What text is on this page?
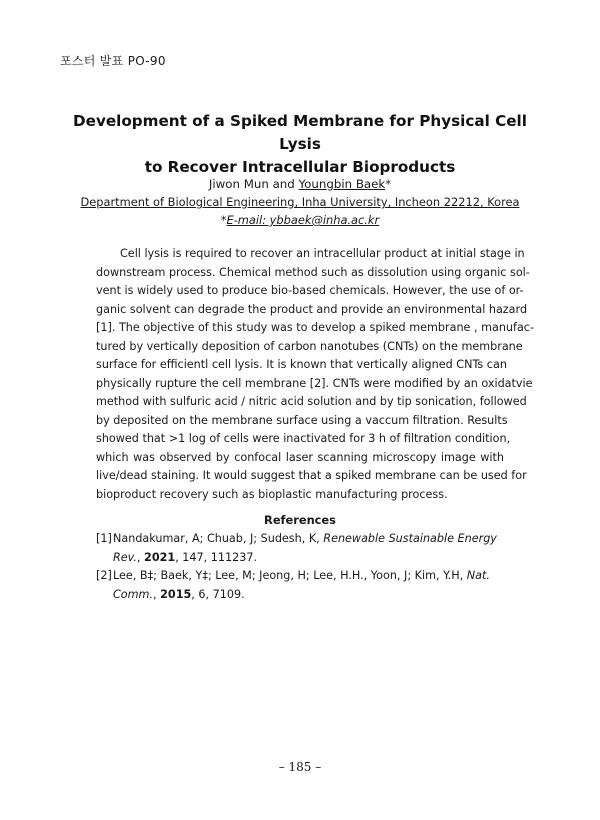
포스터 발표 PO-90
Development of a Spiked Membrane for Physical Cell Lysis
to Recover Intracellular Bioproducts
Jiwon Mun and Youngbin Baek*
Department of Biological Engineering, Inha University, Incheon 22212, Korea
*E-mail: ybbaek@inha.ac.kr
Cell lysis is required to recover an intracellular product at initial stage in
downstream process. Chemical method such as dissolution using organic sol-
vent is widely used to produce bio-based chemicals. However, the use of or-
ganic solvent can degrade the product and provide an environmental hazard
[1]. The objective of this study was to develop a spiked membrane , manufac-
tured by vertically deposition of carbon nanotubes (CNTs) on the membrane
surface for efficientl cell lysis. It is known that vertically aligned CNTs can
physically rupture the cell membrane [2]. CNTs were modified by an oxidatvie
method with sulfuric acid / nitric acid solution and by tip sonication, followed
by deposited on the membrane surface using a vaccum filtration. Results
showed that >1 log of cells were inactivated for 3 h of filtration condition,
which was observed by confocal laser scanning microscopy image with
live/dead staining. It would suggest that a spiked membrane can be used for
bioproduct recovery such as bioplastic manufacturing process.
References
[1] Nandakumar, A; Chuab, J; Sudesh, K, Renewable Sustainable Energy Rev., 2021, 147, 111237.
[2] Lee, B‡; Baek, Y‡; Lee, M; Jeong, H; Lee, H.H., Yoon, J; Kim, Y.H, Nat. Comm., 2015, 6, 7109.
– 185 –
